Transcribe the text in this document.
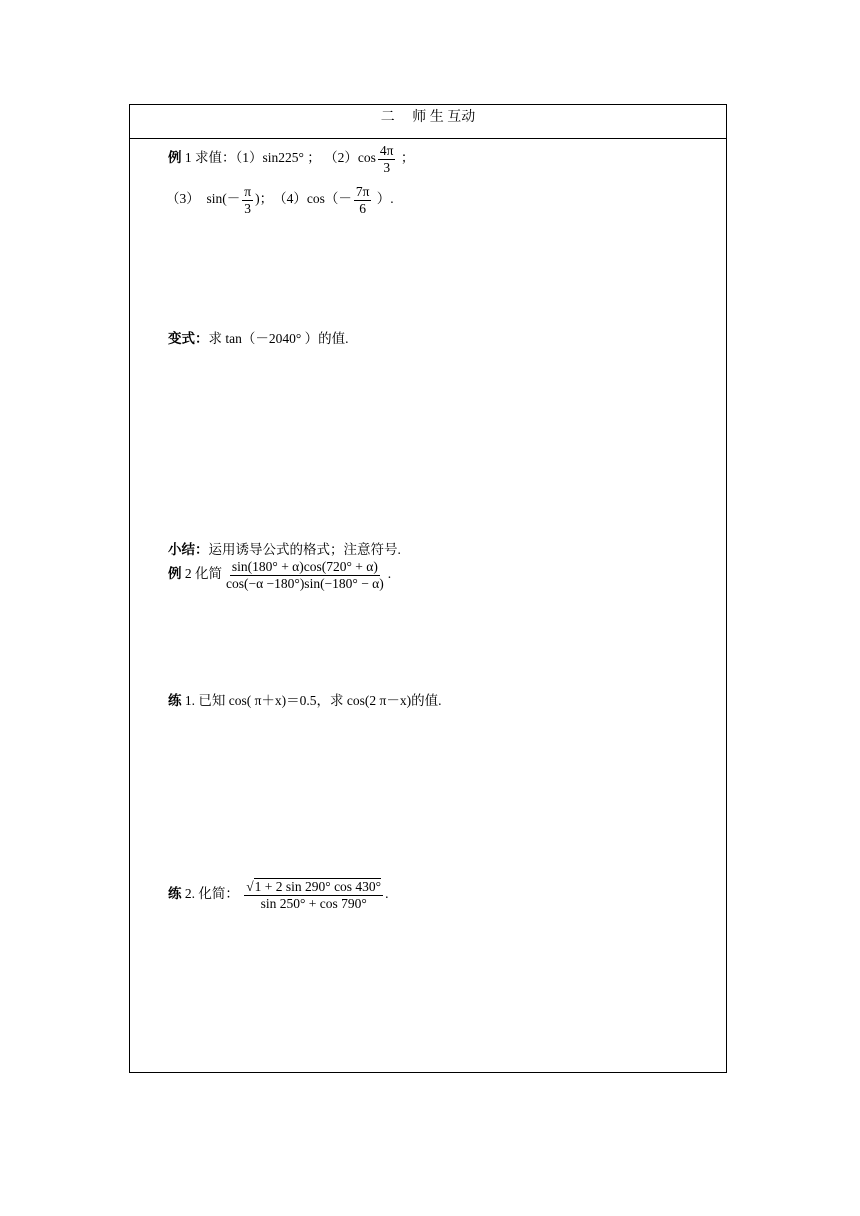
二　 师 生 互动
例 1 求值：（1）sin225° ； $(2)\cos \frac{4\pi}{3}$ ；
（3）　$\sin(- \frac{\pi}{3}$ )；　$(4)\cos(- \frac{7\pi}{6}$ ）.
变式：求 tan（－2040° ）的值.
小结：运用诱导公式的格式；注意符号.
例 2 化简 $\frac{\sin(180^\circ + \alpha)\cos(720^\circ + \alpha)}{\cos(-\alpha -180^\circ)\sin(-180^\circ - \alpha)}$ .
练 1. 已知 cos( π＋x)＝0.5，求 cos(2 π－x)的值.
练 2. 化简： $\frac{√1 + 2 \sin 290^\circ \cos 430^\circ}{\sin 250^\circ + \cos 790^\circ}$ .
